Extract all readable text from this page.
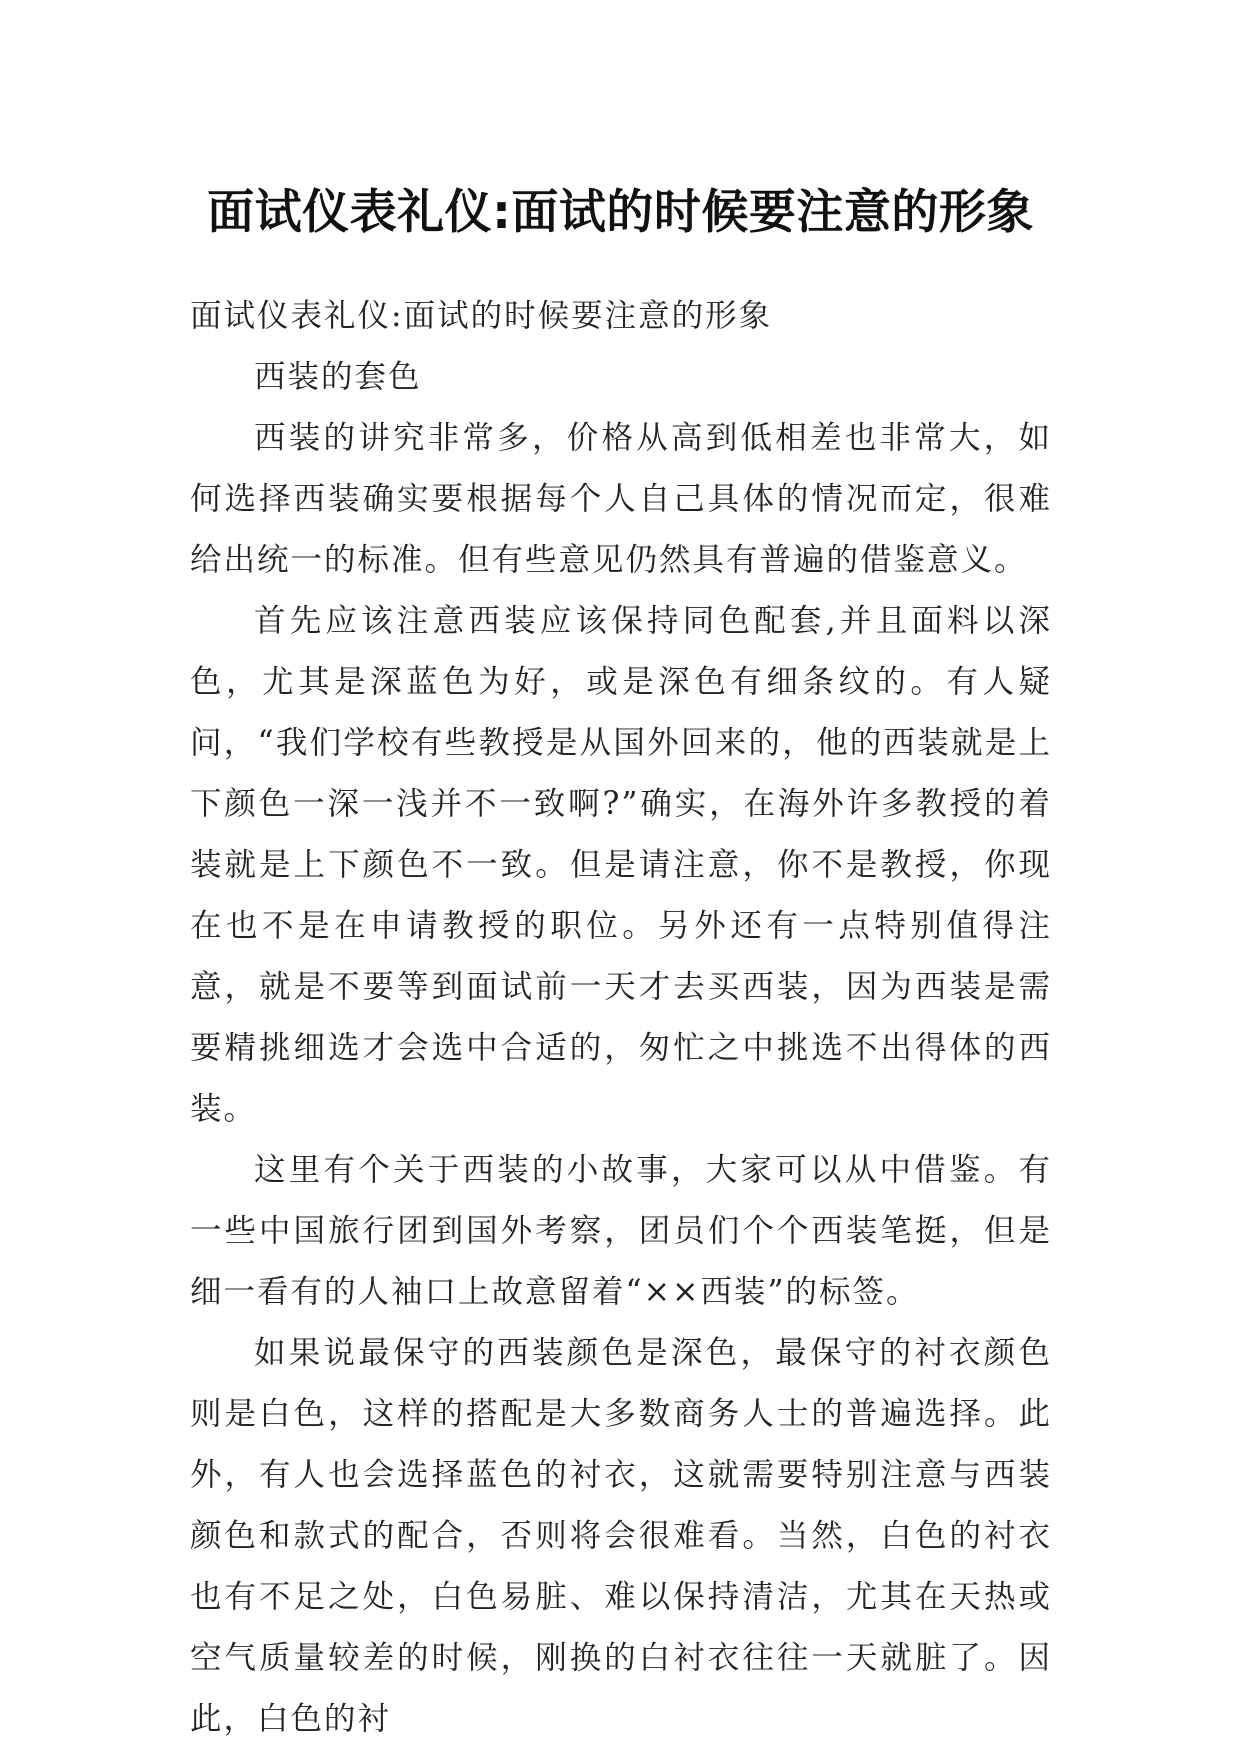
面试仪表礼仪:面试的时候要注意的形象

面试仪表礼仪:面试的时候要注意的形象

西装的套色

西装的讲究非常多，价格从高到低相差也非常大，如何选择西装确实要根据每个人自己具体的情况而定，很难给出统一的标准。但有些意见仍然具有普遍的借鉴意义。

首先应该注意西装应该保持同色配套,并且面料以深色，尤其是深蓝色为好，或是深色有细条纹的。有人疑问，“我们学校有些教授是从国外回来的，他的西装就是上下颜色一深一浅并不一致啊?”确实，在海外许多教授的着装就是上下颜色不一致。但是请注意，你不是教授，你现在也不是在申请教授的职位。另外还有一点特别值得注意，就是不要等到面试前一天才去买西装，因为西装是需要精挑细选才会选中合适的，匆忙之中挑选不出得体的西装。

这里有个关于西装的小故事，大家可以从中借鉴。有一些中国旅行团到国外考察，团员们个个西装笔挺，但是细一看有的人袖口上故意留着“××西装”的标签。

如果说最保守的西装颜色是深色，最保守的衬衣颜色则是白色，这样的搭配是大多数商务人士的普遍选择。此外，有人也会选择蓝色的衬衣，这就需要特别注意与西装颜色和款式的配合，否则将会很难看。当然，白色的衬衣也有不足之处，白色易脏、难以保持清洁，尤其在天热或空气质量较差的时候，刚换的白衬衣往往一天就脏了。因此，白色的衬
